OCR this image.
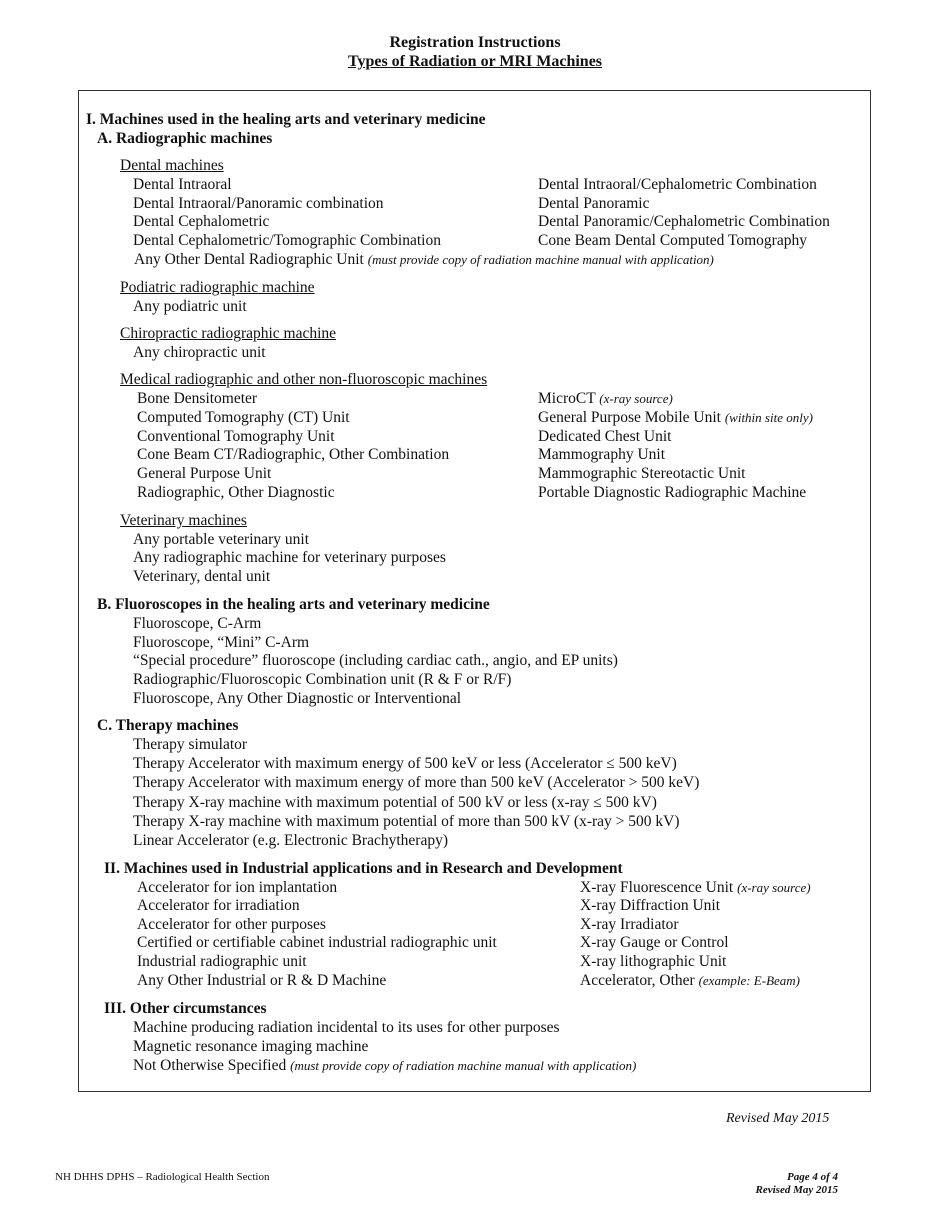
Registration Instructions
Types of Radiation or MRI Machines
I. Machines used in the healing arts and veterinary medicine
A. Radiographic machines
Dental machines
Dental Intraoral
Dental Intraoral/Panoramic combination
Dental Cephalometric
Dental Cephalometric/Tomographic Combination
Dental Intraoral/Cephalometric Combination
Dental Panoramic
Dental Panoramic/Cephalometric Combination
Cone Beam Dental Computed Tomography
Any Other Dental Radiographic Unit (must provide copy of radiation machine manual with application)
Podiatric radiographic machine
Any podiatric unit
Chiropractic radiographic machine
Any chiropractic unit
Medical radiographic and other non-fluoroscopic machines
Bone Densitometer
Computed Tomography (CT) Unit
Conventional Tomography Unit
Cone Beam CT/Radiographic, Other Combination
General Purpose Unit
Radiographic, Other Diagnostic
MicroCT (x-ray source)
General Purpose Mobile Unit (within site only)
Dedicated Chest Unit
Mammography Unit
Mammographic Stereotactic Unit
Portable Diagnostic Radiographic Machine
Veterinary machines
Any portable veterinary unit
Any radiographic machine for veterinary purposes
Veterinary, dental unit
B. Fluoroscopes in the healing arts and veterinary medicine
Fluoroscope, C-Arm
Fluoroscope, “Mini” C-Arm
“Special procedure” fluoroscope (including cardiac cath., angio, and EP units)
Radiographic/Fluoroscopic Combination unit (R & F or R/F)
Fluoroscope, Any Other Diagnostic or Interventional
C. Therapy machines
Therapy simulator
Therapy Accelerator with maximum energy of 500 keV or less (Accelerator ≤ 500 keV)
Therapy Accelerator with maximum energy of more than 500 keV (Accelerator > 500 keV)
Therapy X-ray machine with maximum potential of 500 kV or less (x-ray ≤ 500 kV)
Therapy X-ray machine with maximum potential of more than 500 kV (x-ray > 500 kV)
Linear Accelerator (e.g. Electronic Brachytherapy)
II. Machines used in Industrial applications and in Research and Development
Accelerator for ion implantation
Accelerator for irradiation
Accelerator for other purposes
Certified or certifiable cabinet industrial radiographic unit
Industrial radiographic unit
Any Other Industrial or R & D Machine
X-ray Fluorescence Unit (x-ray source)
X-ray Diffraction Unit
X-ray Irradiator
X-ray Gauge or Control
X-ray lithographic Unit
Accelerator, Other (example: E-Beam)
III. Other circumstances
Machine producing radiation incidental to its uses for other purposes
Magnetic resonance imaging machine
Not Otherwise Specified (must provide copy of radiation machine manual with application)
Revised May 2015
NH DHHS DPHS – Radiological Health Section	Page 4 of 4
Revised May 2015
